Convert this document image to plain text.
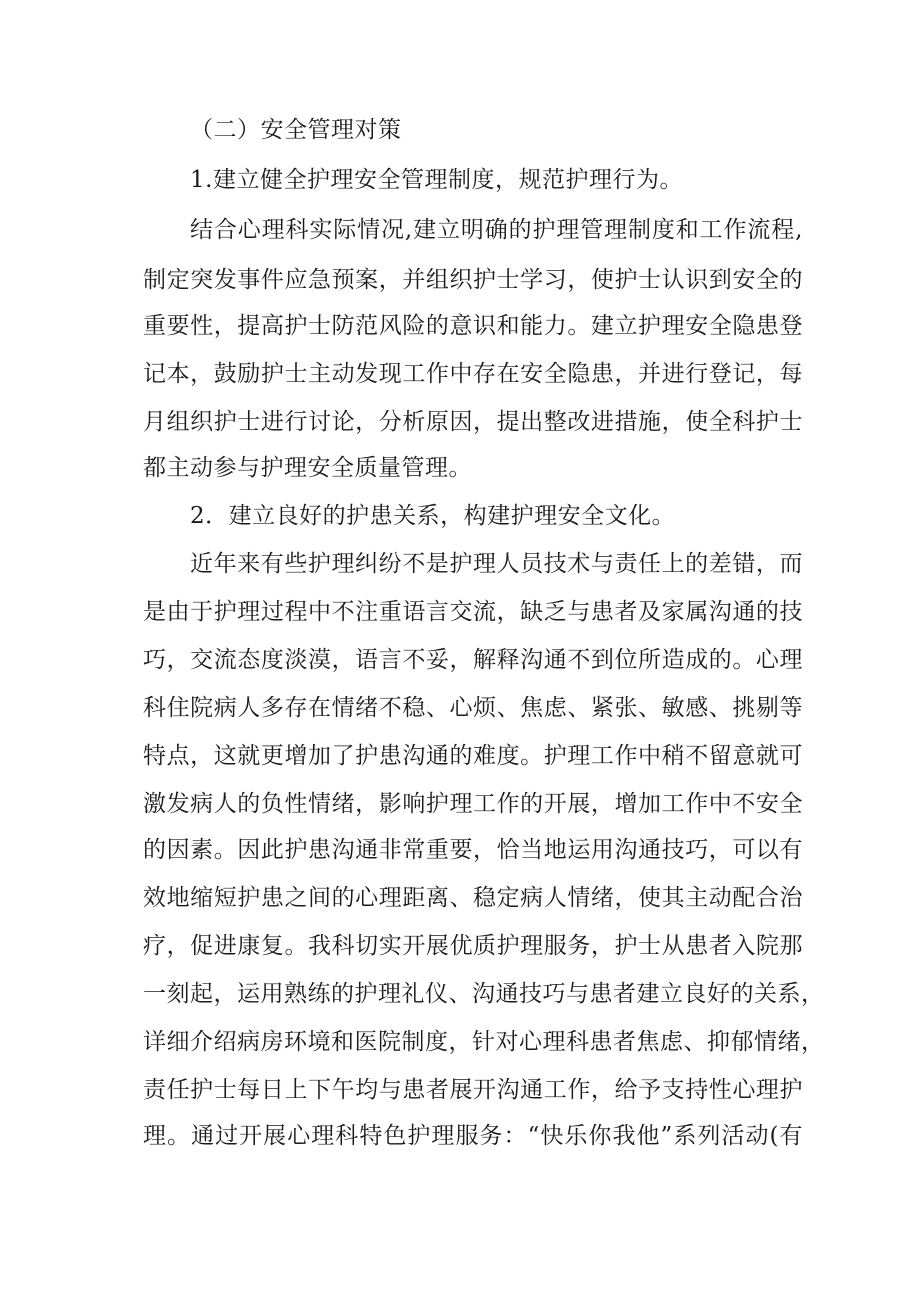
（二）安全管理对策
1.建立健全护理安全管理制度，规范护理行为。
结合心理科实际情况,建立明确的护理管理制度和工作流程,
制定突发事件应急预案，并组织护士学习，使护士认识到安全的
重要性，提高护士防范风险的意识和能力。建立护理安全隐患登
记本，鼓励护士主动发现工作中存在安全隐患，并进行登记，每
月组织护士进行讨论，分析原因，提出整改进措施，使全科护士
都主动参与护理安全质量管理。
2．建立良好的护患关系，构建护理安全文化。
近年来有些护理纠纷不是护理人员技术与责任上的差错，而
是由于护理过程中不注重语言交流，缺乏与患者及家属沟通的技
巧，交流态度淡漠，语言不妥，解释沟通不到位所造成的。心理
科住院病人多存在情绪不稳、心烦、焦虑、紧张、敏感、挑剔等
特点，这就更增加了护患沟通的难度。护理工作中稍不留意就可
激发病人的负性情绪，影响护理工作的开展，增加工作中不安全
的因素。因此护患沟通非常重要，恰当地运用沟通技巧，可以有
效地缩短护患之间的心理距离、稳定病人情绪，使其主动配合治
疗，促进康复。我科切实开展优质护理服务，护士从患者入院那
一刻起，运用熟练的护理礼仪、沟通技巧与患者建立良好的关系，
详细介绍病房环境和医院制度，针对心理科患者焦虑、抑郁情绪，
责任护士每日上下午均与患者展开沟通工作，给予支持性心理护
理。通过开展心理科特色护理服务：“快乐你我他”系列活动(有
